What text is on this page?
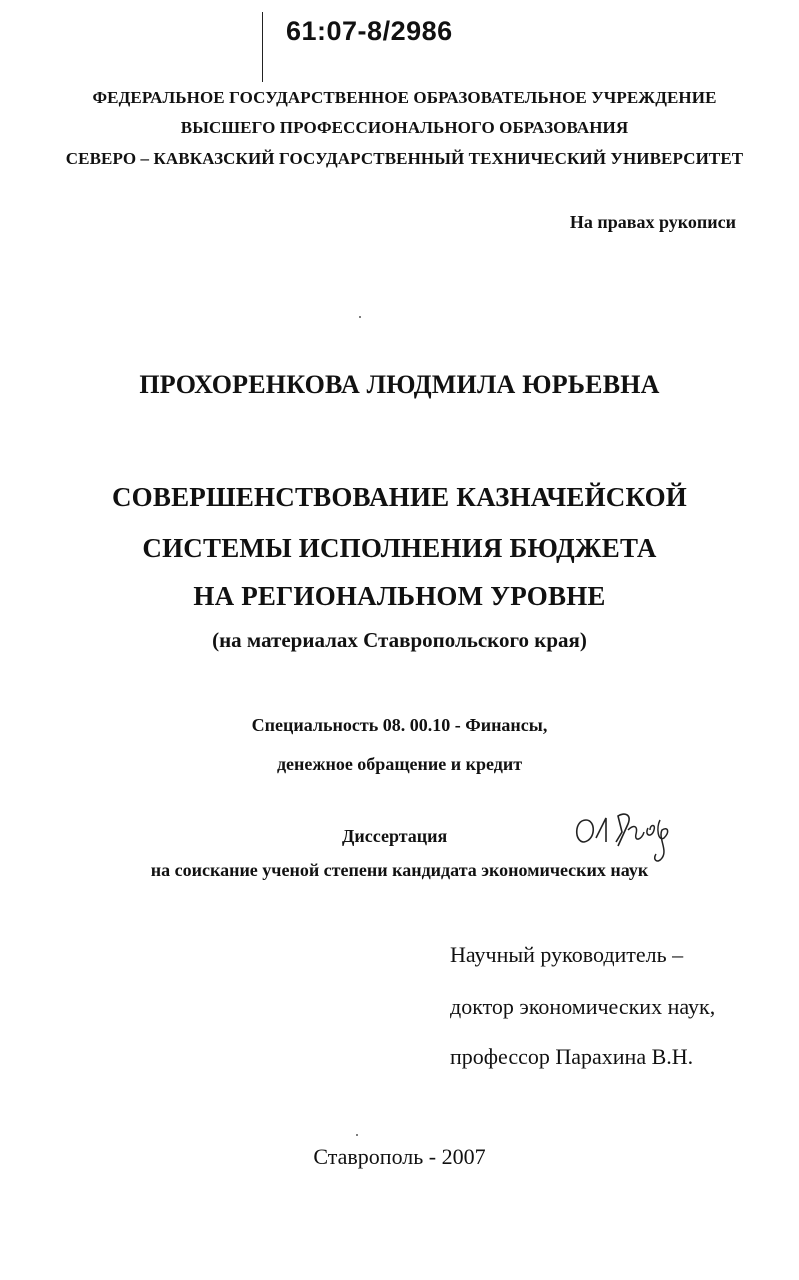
61:07-8/2986
ФЕДЕРАЛЬНОЕ ГОСУДАРСТВЕННОЕ ОБРАЗОВАТЕЛЬНОЕ УЧРЕЖДЕНИЕ
ВЫСШЕГО ПРОФЕССИОНАЛЬНОГО ОБРАЗОВАНИЯ
СЕВЕРО – КАВКАЗСКИЙ ГОСУДАРСТВЕННЫЙ ТЕХНИЧЕСКИЙ УНИВЕРСИТЕТ
На правах рукописи
ПРОХОРЕНКОВА ЛЮДМИЛА ЮРЬЕВНА
СОВЕРШЕНСТВОВАНИЕ КАЗНАЧЕЙСКОЙ
СИСТЕМЫ ИСПОЛНЕНИЯ БЮДЖЕТА
НА РЕГИОНАЛЬНОМ УРОВНЕ
(на материалах Ставропольского края)
Специальность 08. 00.10 - Финансы,
денежное обращение и кредит
Диссертация
01.11.08
на соискание ученой степени кандидата экономических наук
Научный руководитель –
доктор экономических наук,
профессор Парахина В.Н.
Ставрополь - 2007
